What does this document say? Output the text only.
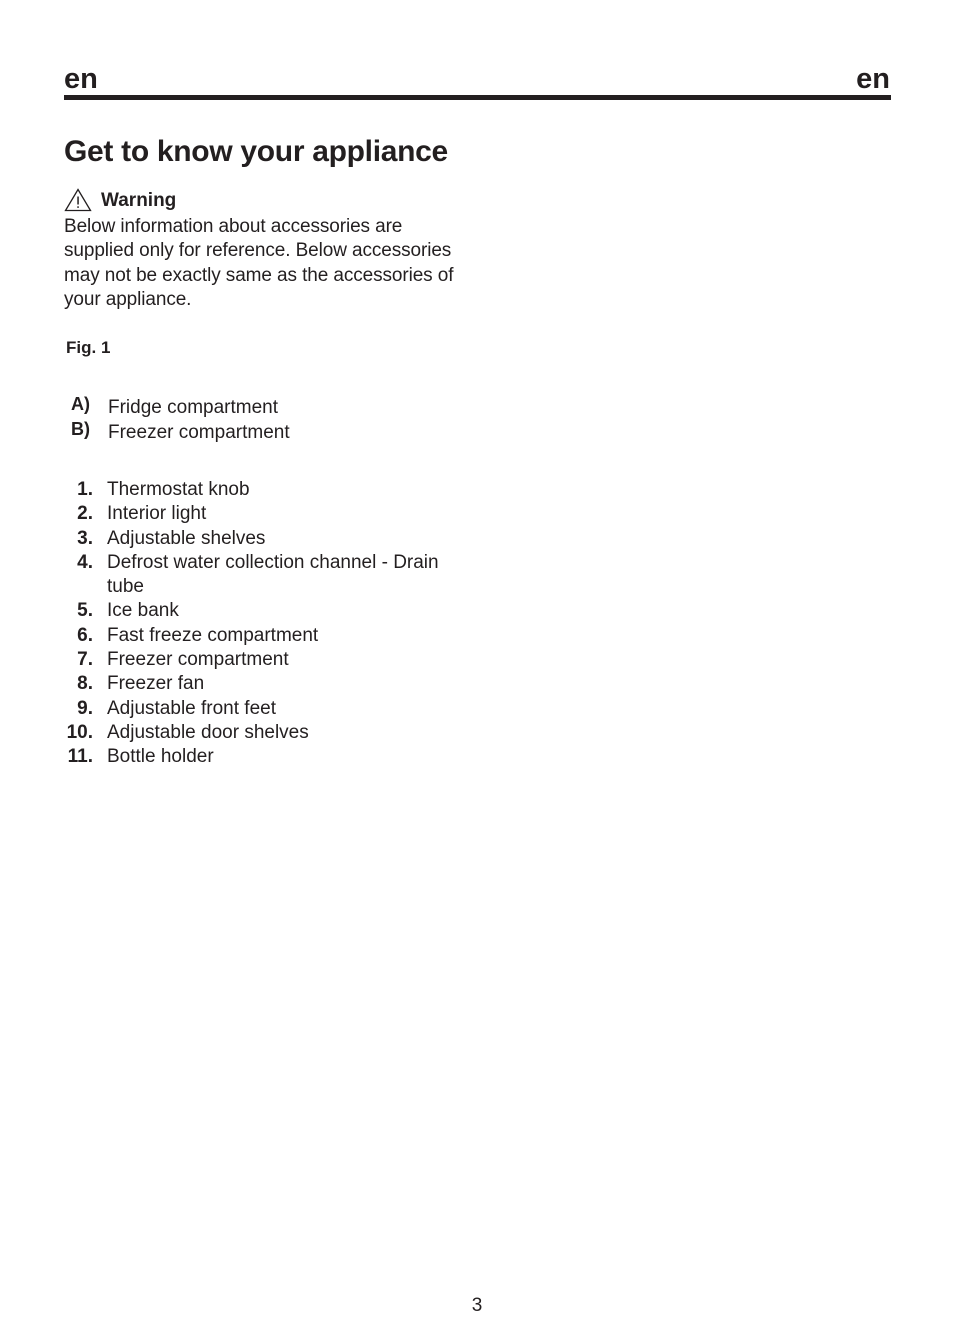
en	en
Get to know your appliance
Warning

Below information about accessories are supplied only for reference. Below accessories may not be exactly same as the accessories of your appliance.

Fig. 1
A) Fridge compartment
B) Freezer compartment
1. Thermostat knob
2. Interior light
3. Adjustable shelves
4. Defrost water collection channel - Drain tube
5. Ice bank
6. Fast freeze compartment
7. Freezer compartment
8. Freezer fan
9. Adjustable front feet
10. Adjustable door shelves
11. Bottle holder
3
